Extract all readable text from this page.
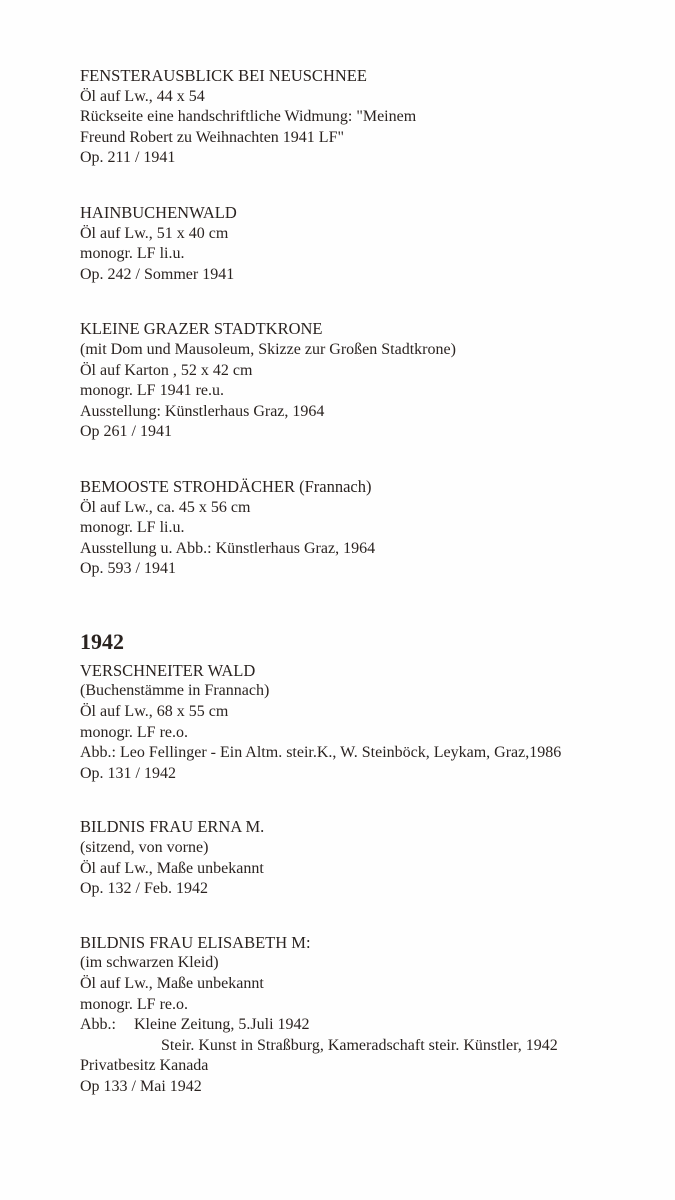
FENSTERAUSBLICK BEI NEUSCHNEE
Öl auf Lw., 44 x 54
Rückseite eine handschriftliche Widmung: "Meinem
Freund Robert zu Weihnachten 1941 LF"
Op. 211 / 1941
HAINBUCHENWALD
Öl auf Lw., 51 x 40 cm
monogr. LF li.u.
Op. 242 / Sommer 1941
KLEINE GRAZER STADTKRONE
(mit Dom und Mausoleum, Skizze zur Großen Stadtkrone)
Öl auf Karton , 52 x 42 cm
monogr. LF 1941 re.u.
Ausstellung: Künstlerhaus Graz, 1964
Op 261 / 1941
BEMOOSTE STROHDÄCHER (Frannach)
Öl auf Lw., ca. 45 x 56 cm
monogr. LF li.u.
Ausstellung u. Abb.: Künstlerhaus Graz, 1964
Op. 593 / 1941
1942
VERSCHNEITER WALD
(Buchenstämme in Frannach)
Öl auf Lw., 68 x 55 cm
monogr. LF re.o.
Abb.: Leo Fellinger - Ein Altm. steir.K., W. Steinböck, Leykam, Graz,1986
Op. 131 / 1942
BILDNIS FRAU ERNA M.
(sitzend, von vorne)
Öl auf Lw., Maße unbekannt
Op. 132 / Feb. 1942
BILDNIS FRAU ELISABETH M:
(im schwarzen Kleid)
Öl auf Lw., Maße unbekannt
monogr. LF re.o.
Abb.: Kleine Zeitung, 5.Juli 1942
Steir. Kunst in Straßburg, Kameradschaft steir. Künstler, 1942
Privatbesitz Kanada
Op 133 / Mai 1942
